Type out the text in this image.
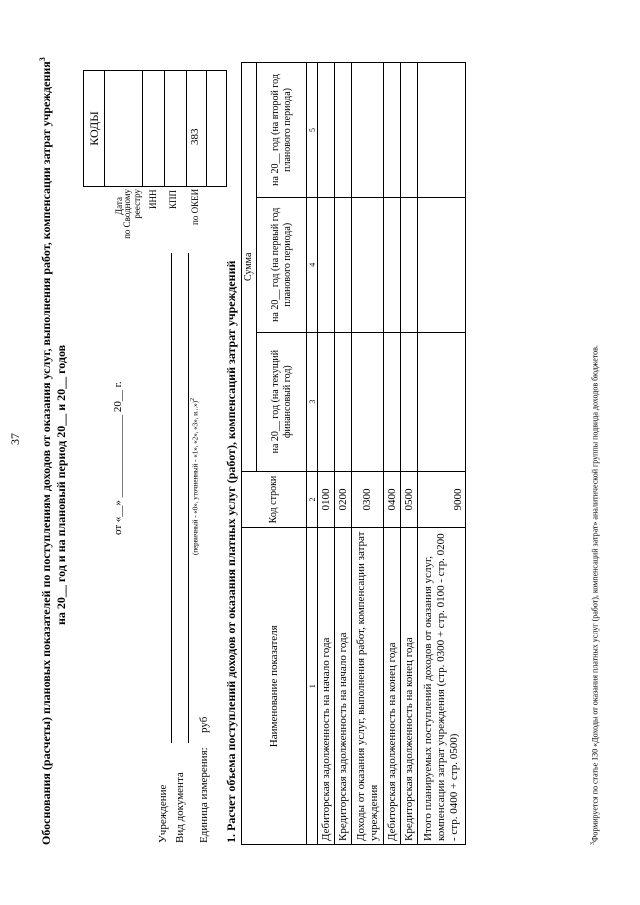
37 Обоснования (расчеты) плановых показателей по поступлениям доходов от оказания услуг, выполнения работ, компенсации затрат учреждения$^3$
на 20__ год и на плановый период 20__ и 20__ годов
КОДЫ
Дата
по Сводному реестру ИНН КПП по ОКЕИ
383
от «__» _______________ 20__ г.
Учреждение Вид документа
(первичный - «0», уточненный - «1», «2», «3», и...»)$^2$
Единица измерения:
руб 1. Расчет объема поступлений доходов от оказания платных услуг (работ), компенсаций затрат учреждений	Наименование показателя	Код строки	Сумма		
		на 20__ год (на текущий финансовый год)	на 20__ год (на первый год планового периода)	на 20__ год (на второй год планового периода)
1	2	3	4	5
Дебиторская задолженность на начало года	0100			
Кредиторская задолженность на начало года	0200			
Доходы от оказания услуг, выполнения работ, компенсации затрат учреждения	0300			
Дебиторская задолженность на конец года	0400			
Кредиторская задолженность на конец года	0500			
Итого планируемых поступлений доходов от оказания услуг, компенсации затрат учреждения (стр. 0300 + стр. 0100 - стр. 0200 - стр. 0400 + стр. 0500)	9000			
$^3$Формируется по статье 130 «Доходы от оказания платных услуг (работ), компенсаций затрат» аналитической группы подвида доходов бюджетов.
